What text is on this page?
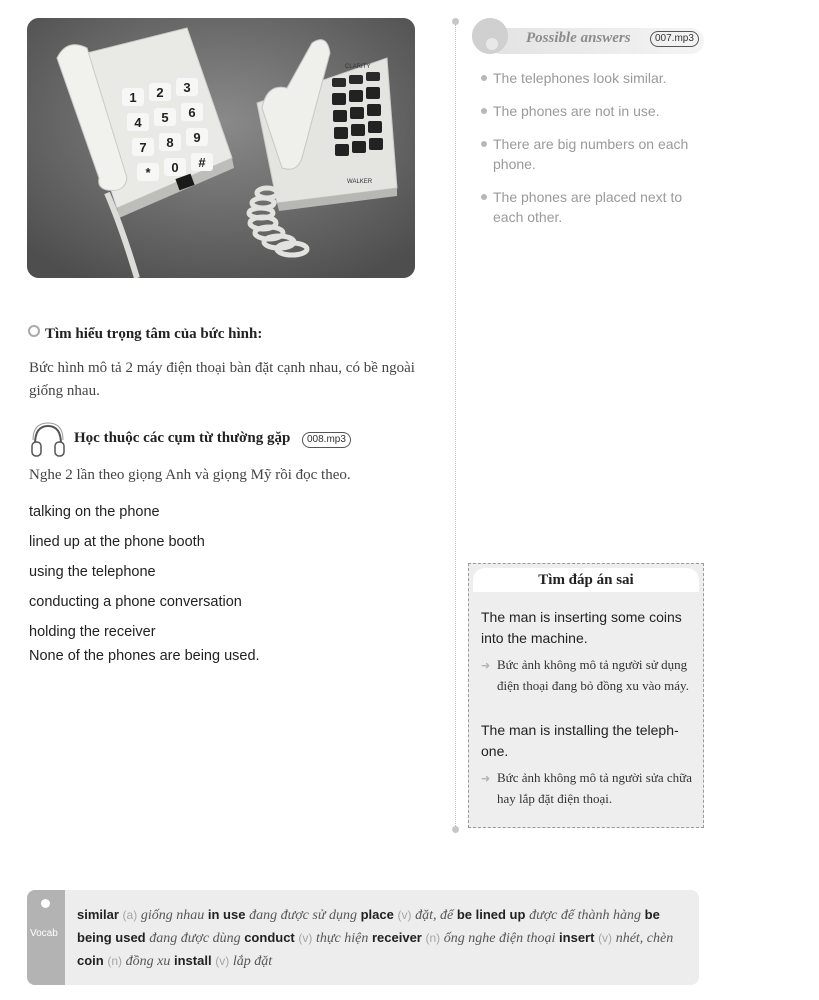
1 2 3
4 5 6
7 8 9
* 0 #
CLARITY
WALKER
Possible answers	007.mp3
The telephones look similar.
The phones are not in use.
There are big numbers on each phone.
The phones are placed next to each other.
Tìm hiểu trọng tâm của bức hình:
Bức hình mô tả 2 máy điện thoại bàn đặt cạnh nhau, có bề ngoài giống nhau.
Học thuộc các cụm từ thường gặp	008.mp3
Nghe 2 lần theo giọng Anh và giọng Mỹ rồi đọc theo.
talking on the phone
lined up at the phone booth
using the telephone
conducting a phone conversation
holding the receiver
None of the phones are being used.
Tìm đáp án sai
The man is inserting some coins into the machine.
➜ Bức ảnh không mô tả người sử dụng điện thoại đang bỏ đồng xu vào máy.
The man is installing the teleph-one.
➜ Bức ảnh không mô tả người sửa chữa hay lắp đặt điện thoại.
Vocab
similar (a) giống nhau in use đang được sử dụng place (v) đặt, để be lined up được để thành hàng be being used đang được dùng conduct (v) thực hiện receiver (n) ống nghe điện thoại insert (v) nhét, chèn coin (n) đồng xu install (v) lắp đặt
